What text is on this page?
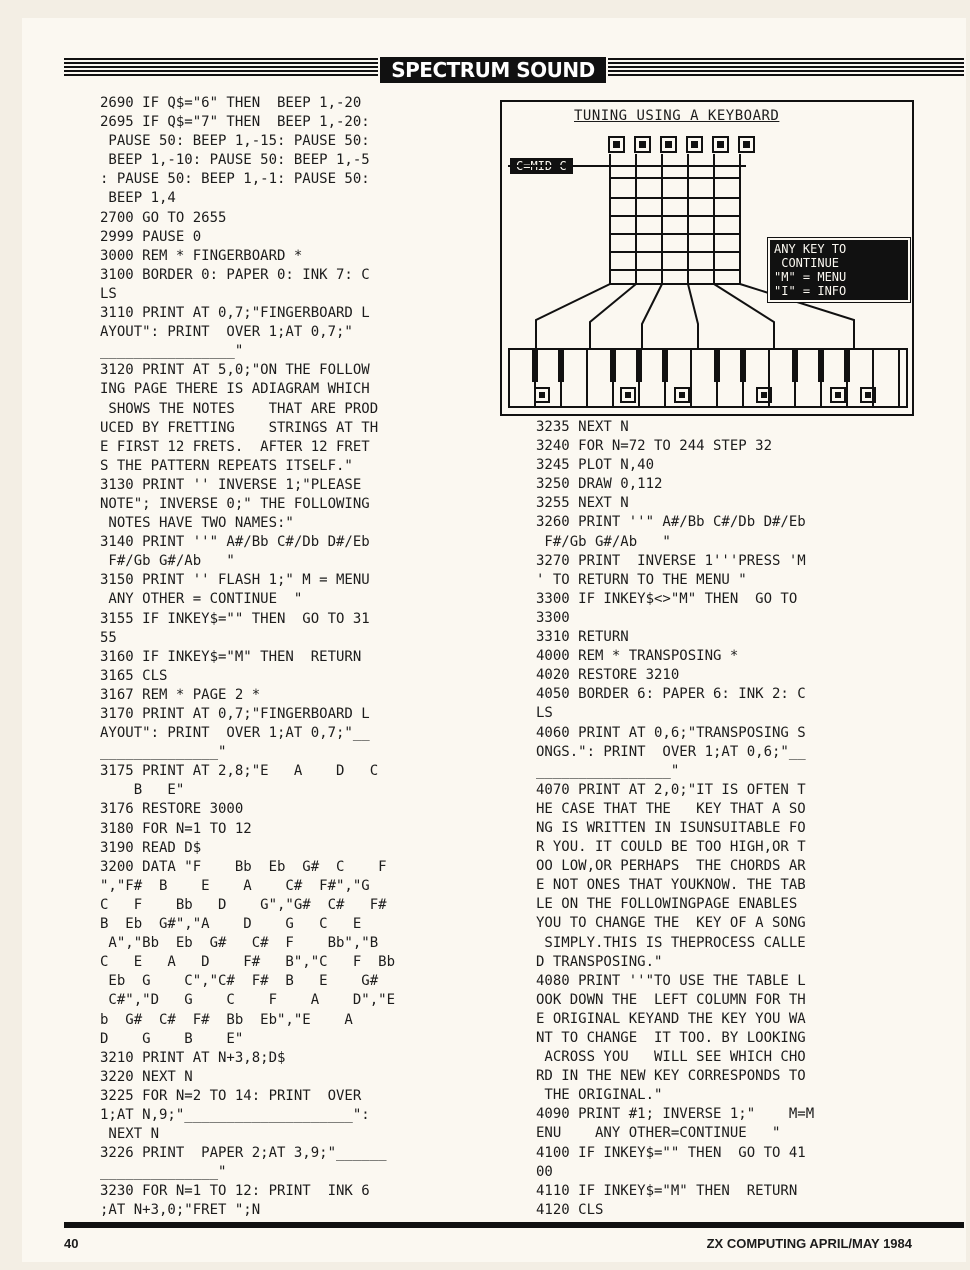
SPECTRUM SOUND
2690 IF Q$="6" THEN  BEEP 1,-20
2695 IF Q$="7" THEN  BEEP 1,-20:
PAUSE 50: BEEP 1,-15: PAUSE 50:
BEEP 1,-10: PAUSE 50: BEEP 1,-5
: PAUSE 50: BEEP 1,-1: PAUSE 50:
BEEP 1,4
2700 GO TO 2655
2999 PAUSE 0
3000 REM * FINGERBOARD *
3100 BORDER 0: PAPER 0: INK 7: C
LS
3110 PRINT AT 0,7;"FINGERBOARD L
AYOUT": PRINT  OVER 1;AT 0,7;"
________________"
3120 PRINT AT 5,0;"ON THE FOLLOW
ING PAGE THERE IS ADIAGRAM WHICH
SHOWS THE NOTES    THAT ARE PROD
UCED BY FRETTING    STRINGS AT TH
E FIRST 12 FRETS.  AFTER 12 FRET
S THE PATTERN REPEATS ITSELF."
3130 PRINT '' INVERSE 1;"PLEASE
NOTE"; INVERSE 0;" THE FOLLOWING
NOTES HAVE TWO NAMES:"
3140 PRINT ''" A#/Bb C#/Db D#/Eb
F#/Gb G#/Ab   "
3150 PRINT '' FLASH 1;" M = MENU
ANY OTHER = CONTINUE  "
3155 IF INKEY$="" THEN  GO TO 31
55
3160 IF INKEY$="M" THEN  RETURN
3165 CLS
3167 REM * PAGE 2 *
3170 PRINT AT 0,7;"FINGERBOARD L
AYOUT": PRINT  OVER 1;AT 0,7;"__
______________"
3175 PRINT AT 2,8;"E   A    D   C
B   E"
3176 RESTORE 3000
3180 FOR N=1 TO 12
3190 READ D$
3200 DATA "F    Bb  Eb  G#  C    F
","F#  B    E    A    C#  F#","G
C   F    Bb   D    G","G#  C#   F#
B  Eb  G#","A    D    G   C   E
A","Bb  Eb  G#   C#  F    Bb","B
C   E   A   D    F#   B","C   F  Bb
Eb  G    C","C#  F#  B   E    G#
C#","D   G    C    F    A    D","E
b  G#  C#  F#  Bb  Eb","E    A
D    G    B    E"
3210 PRINT AT N+3,8;D$
3220 NEXT N
3225 FOR N=2 TO 14: PRINT  OVER
1;AT N,9;"____________________":
NEXT N
3226 PRINT  PAPER 2;AT 3,9;"______
______________"
3230 FOR N=1 TO 12: PRINT  INK 6
;AT N+3,0;"FRET ";N
TUNING USING A KEYBOARD
C=MID C
ANY KEY TO
CONTINUE
"M" = MENU
"I" = INFO
3235 NEXT N
3240 FOR N=72 TO 244 STEP 32
3245 PLOT N,40
3250 DRAW 0,112
3255 NEXT N
3260 PRINT ''" A#/Bb C#/Db D#/Eb
F#/Gb G#/Ab   "
3270 PRINT  INVERSE 1'''PRESS 'M
' TO RETURN TO THE MENU "
3300 IF INKEY$<>"M" THEN  GO TO
3300
3310 RETURN
4000 REM * TRANSPOSING *
4020 RESTORE 3210
4050 BORDER 6: PAPER 6: INK 2: C
LS
4060 PRINT AT 0,6;"TRANSPOSING S
ONGS.": PRINT  OVER 1;AT 0,6;"__
________________"
4070 PRINT AT 2,0;"IT IS OFTEN T
HE CASE THAT THE   KEY THAT A SO
NG IS WRITTEN IN ISUNSUITABLE FO
R YOU. IT COULD BE TOO HIGH,OR T
OO LOW,OR PERHAPS  THE CHORDS AR
E NOT ONES THAT YOUKNOW. THE TAB
LE ON THE FOLLOWINGPAGE ENABLES
YOU TO CHANGE THE  KEY OF A SONG
SIMPLY.THIS IS THEPROCESS CALLE
D TRANSPOSING."
4080 PRINT ''"TO USE THE TABLE L
OOK DOWN THE  LEFT COLUMN FOR TH
E ORIGINAL KEYAND THE KEY YOU WA
NT TO CHANGE  IT TOO. BY LOOKING
ACROSS YOU   WILL SEE WHICH CHO
RD IN THE NEW KEY CORRESPONDS TO
THE ORIGINAL."
4090 PRINT #1; INVERSE 1;"    M=M
ENU    ANY OTHER=CONTINUE   "
4100 IF INKEY$="" THEN  GO TO 41
00
4110 IF INKEY$="M" THEN  RETURN
4120 CLS
40	ZX COMPUTING APRIL/MAY 1984
